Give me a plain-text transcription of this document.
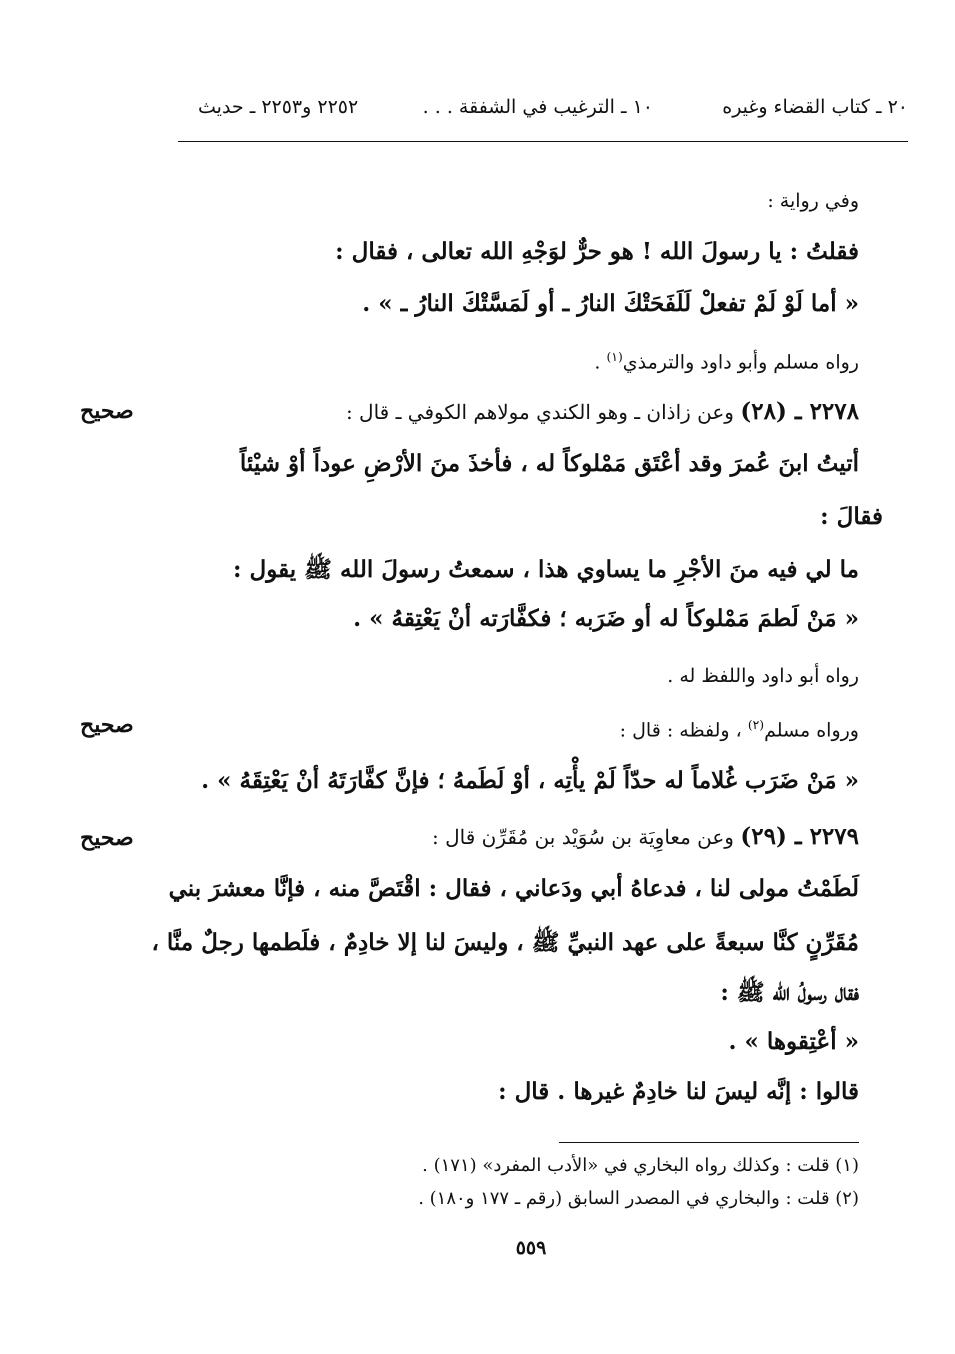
٢٠ ـ كتاب القضاء وغيره
١٠ ـ الترغيب في الشفقة . . .
٢٢٥٢ و٢٢٥٣ ـ حديث
وفي رواية :
فقلتُ : يا رسولَ الله ! هو حرٌّ لوَجْهِ الله تعالى ، فقال :
« أما لَوْ لَمْ تفعلْ لَلَفَحَتْكَ النارُ ـ أو لَمَسَّتْكَ النارُ ـ » .
رواه مسلم وأبو داود والترمذي$^{(١)}$ .
٢٢٧٨ ـ (٢٨) وعن زاذان ـ وهو الكندي مولاهم الكوفي ـ قال :
صحيح
أتيتُ ابنَ عُمرَ وقد أعْتَق مَمْلوكاً له ، فأخذَ منَ الأرْضِ عوداً أوْ شيْئاً
فقالَ :
ما لي فيه منَ الأجْرِ ما يساوي هذا ، سمعتُ رسولَ الله ﷺ يقول :
« مَنْ لَطمَ مَمْلوكاً له أو ضَرَبه ؛ فكفَّارَته أنْ يَعْتِقهُ » .
رواه أبو داود واللفظ له .
ورواه مسلم$^{(٢)}$ ، ولفظه : قال :
صحيح
« مَنْ ضَرَب غُلاماً له حدّاً لَمْ يأْتِه ، أوْ لَطَمهُ ؛ فإنَّ كفَّارَتَهُ أنْ يَعْتِقَهُ » .
٢٢٧٩ ـ (٢٩) وعن معاوِيَة بن سُوَيْد بن مُقَرِّن قال :
صحيح
لَطَمْتُ مولى لنا ، فدعاهُ أبي ودَعاني ، فقال : اقْتَصَّ منه ، فإنَّا معشرَ بني
مُقَرِّنٍ كنَّا سبعةً على عهد النبيِّ ﷺ ، وليسَ لنا إلا خادِمٌ ، فلَطمها رجلٌ منَّا ،
فقال رسولُ الله ﷺ :
« أعْتِقوها » .
قالوا : إنَّه ليسَ لنا خادِمٌ غيرها . قال :
(١) قلت : وكذلك رواه البخاري في «الأدب المفرد» (١٧١) .
(٢) قلت : والبخاري في المصدر السابق (رقم ـ ١٧٧ و١٨٠) .
٥٥٩
